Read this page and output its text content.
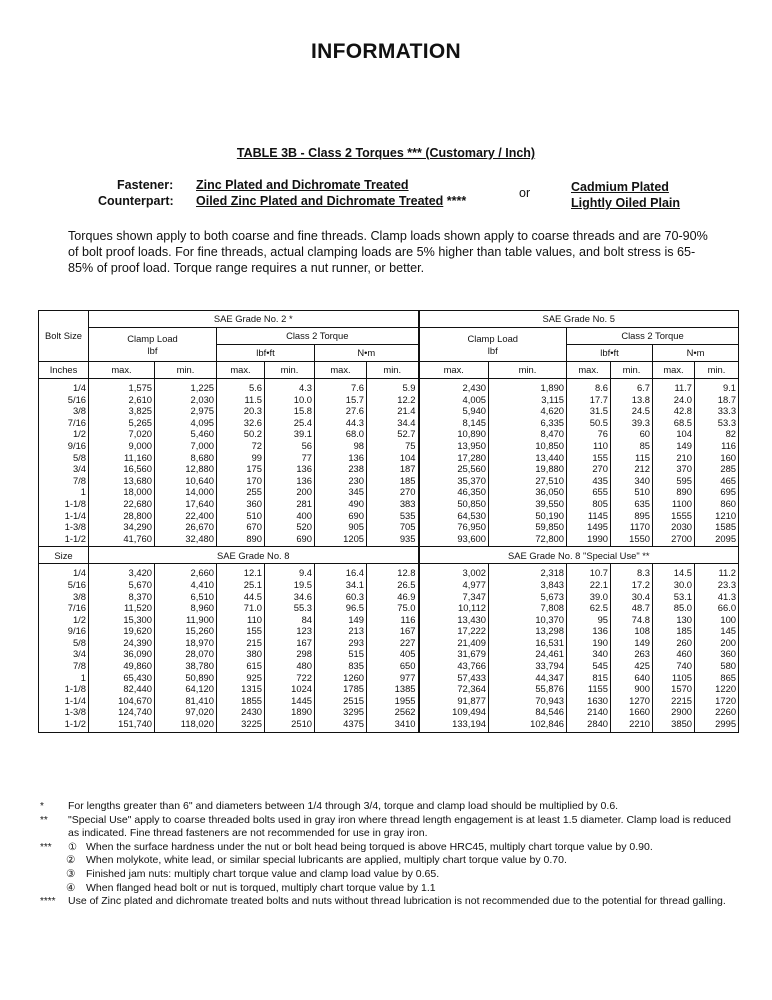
INFORMATION
TABLE 3B - Class 2 Torques *** (Customary / Inch)
Fastener: Zinc Plated and Dichromate Treated
Counterpart: Oiled Zinc Plated and Dichromate Treated ****
or	Cadmium Plated
Lightly Oiled Plain
Torques shown apply to both coarse and fine threads. Clamp loads shown apply to coarse threads and are 70-90% of bolt proof loads. For fine threads, actual clamping loads are 5% higher than table values, and bolt stress is 65-85% of proof load. Torque range requires a nut runner, or better.
Bolt Size	SAE Grade No. 2 *						SAE Grade No. 5					
	Clamp Load
lbf		Class 2 Torque				Clamp Load
lbf		Class 2 Torque			
			lbf•ft		N•m				lbf•ft		N•m	
Inches	max.	min.	max.	min.	max.	min.	max.	min.	max.	min.	max.	min.
1/4	1,575	1,225	5.6	4.3	7.6	5.9	2,430	1,890	8.6	6.7	11.7	9.1
5/16	2,610	2,030	11.5	10.0	15.7	12.2	4,005	3,115	17.7	13.8	24.0	18.7
3/8	3,825	2,975	20.3	15.8	27.6	21.4	5,940	4,620	31.5	24.5	42.8	33.3
7/16	5,265	4,095	32.6	25.4	44.3	34.4	8,145	6,335	50.5	39.3	68.5	53.3
1/2	7,020	5,460	50.2	39.1	68.0	52.7	10,890	8,470	76	60	104	82
9/16	9,000	7,000	72	56	98	75	13,950	10,850	110	85	149	116
5/8	11,160	8,680	99	77	136	104	17,280	13,440	155	115	210	160
3/4	16,560	12,880	175	136	238	187	25,560	19,880	270	212	370	285
7/8	13,680	10,640	170	136	230	185	35,370	27,510	435	340	595	465
1	18,000	14,000	255	200	345	270	46,350	36,050	655	510	890	695
1-1/8	22,680	17,640	360	281	490	383	50,850	39,550	805	635	1100	860
1-1/4	28,800	22,400	510	400	690	535	64,530	50,190	1145	895	1555	1210
1-3/8	34,290	26,670	670	520	905	705	76,950	59,850	1495	1170	2030	1585
1-1/2	41,760	32,480	890	690	1205	935	93,600	72,800	1990	1550	2700	2095
Size	SAE Grade No. 8						SAE Grade No. 8 "Special Use" **					
1/4	3,420	2,660	12.1	9.4	16.4	12.8	3,002	2,318	10.7	8.3	14.5	11.2
5/16	5,670	4,410	25.1	19.5	34.1	26.5	4,977	3,843	22.1	17.2	30.0	23.3
3/8	8,370	6,510	44.5	34.6	60.3	46.9	7,347	5,673	39.0	30.4	53.1	41.3
7/16	11,520	8,960	71.0	55.3	96.5	75.0	10,112	7,808	62.5	48.7	85.0	66.0
1/2	15,300	11,900	110	84	149	116	13,430	10,370	95	74.8	130	100
9/16	19,620	15,260	155	123	213	167	17,222	13,298	136	108	185	145
5/8	24,390	18,970	215	167	293	227	21,409	16,531	190	149	260	200
3/4	36,090	28,070	380	298	515	405	31,679	24,461	340	263	460	360
7/8	49,860	38,780	615	480	835	650	43,766	33,794	545	425	740	580
1	65,430	50,890	925	722	1260	977	57,433	44,347	815	640	1105	865
1-1/8	82,440	64,120	1315	1024	1785	1385	72,364	55,876	1155	900	1570	1220
1-1/4	104,670	81,410	1855	1445	2515	1955	91,877	70,943	1630	1270	2215	1720
1-3/8	124,740	97,020	2430	1890	3295	2562	109,494	84,546	2140	1660	2900	2260
1-1/2	151,740	118,020	3225	2510	4375	3410	133,194	102,846	2840	2210	3850	2995
*	For lengths greater than 6" and diameters between 1/4 through 3/4, torque and clamp load should be multiplied by 0.6.
**	"Special Use" apply to coarse threaded bolts used in gray iron where thread length engagement is at least 1.5 diameter. Clamp load is reduced as indicated. Fine thread fasteners are not recommended for use in gray iron.
***	① When the surface hardness under the nut or bolt head being torqued is above HRC45, multiply chart torque value by 0.90.
② When molykote, white lead, or similar special lubricants are applied, multiply chart torque value by 0.70.
③ Finished jam nuts: multiply chart torque value and clamp load value by 0.65.
④ When flanged head bolt or nut is torqued, multiply chart torque value by 1.1
****	Use of Zinc plated and dichromate treated bolts and nuts without thread lubrication is not recommended due to the potential for thread galling.
